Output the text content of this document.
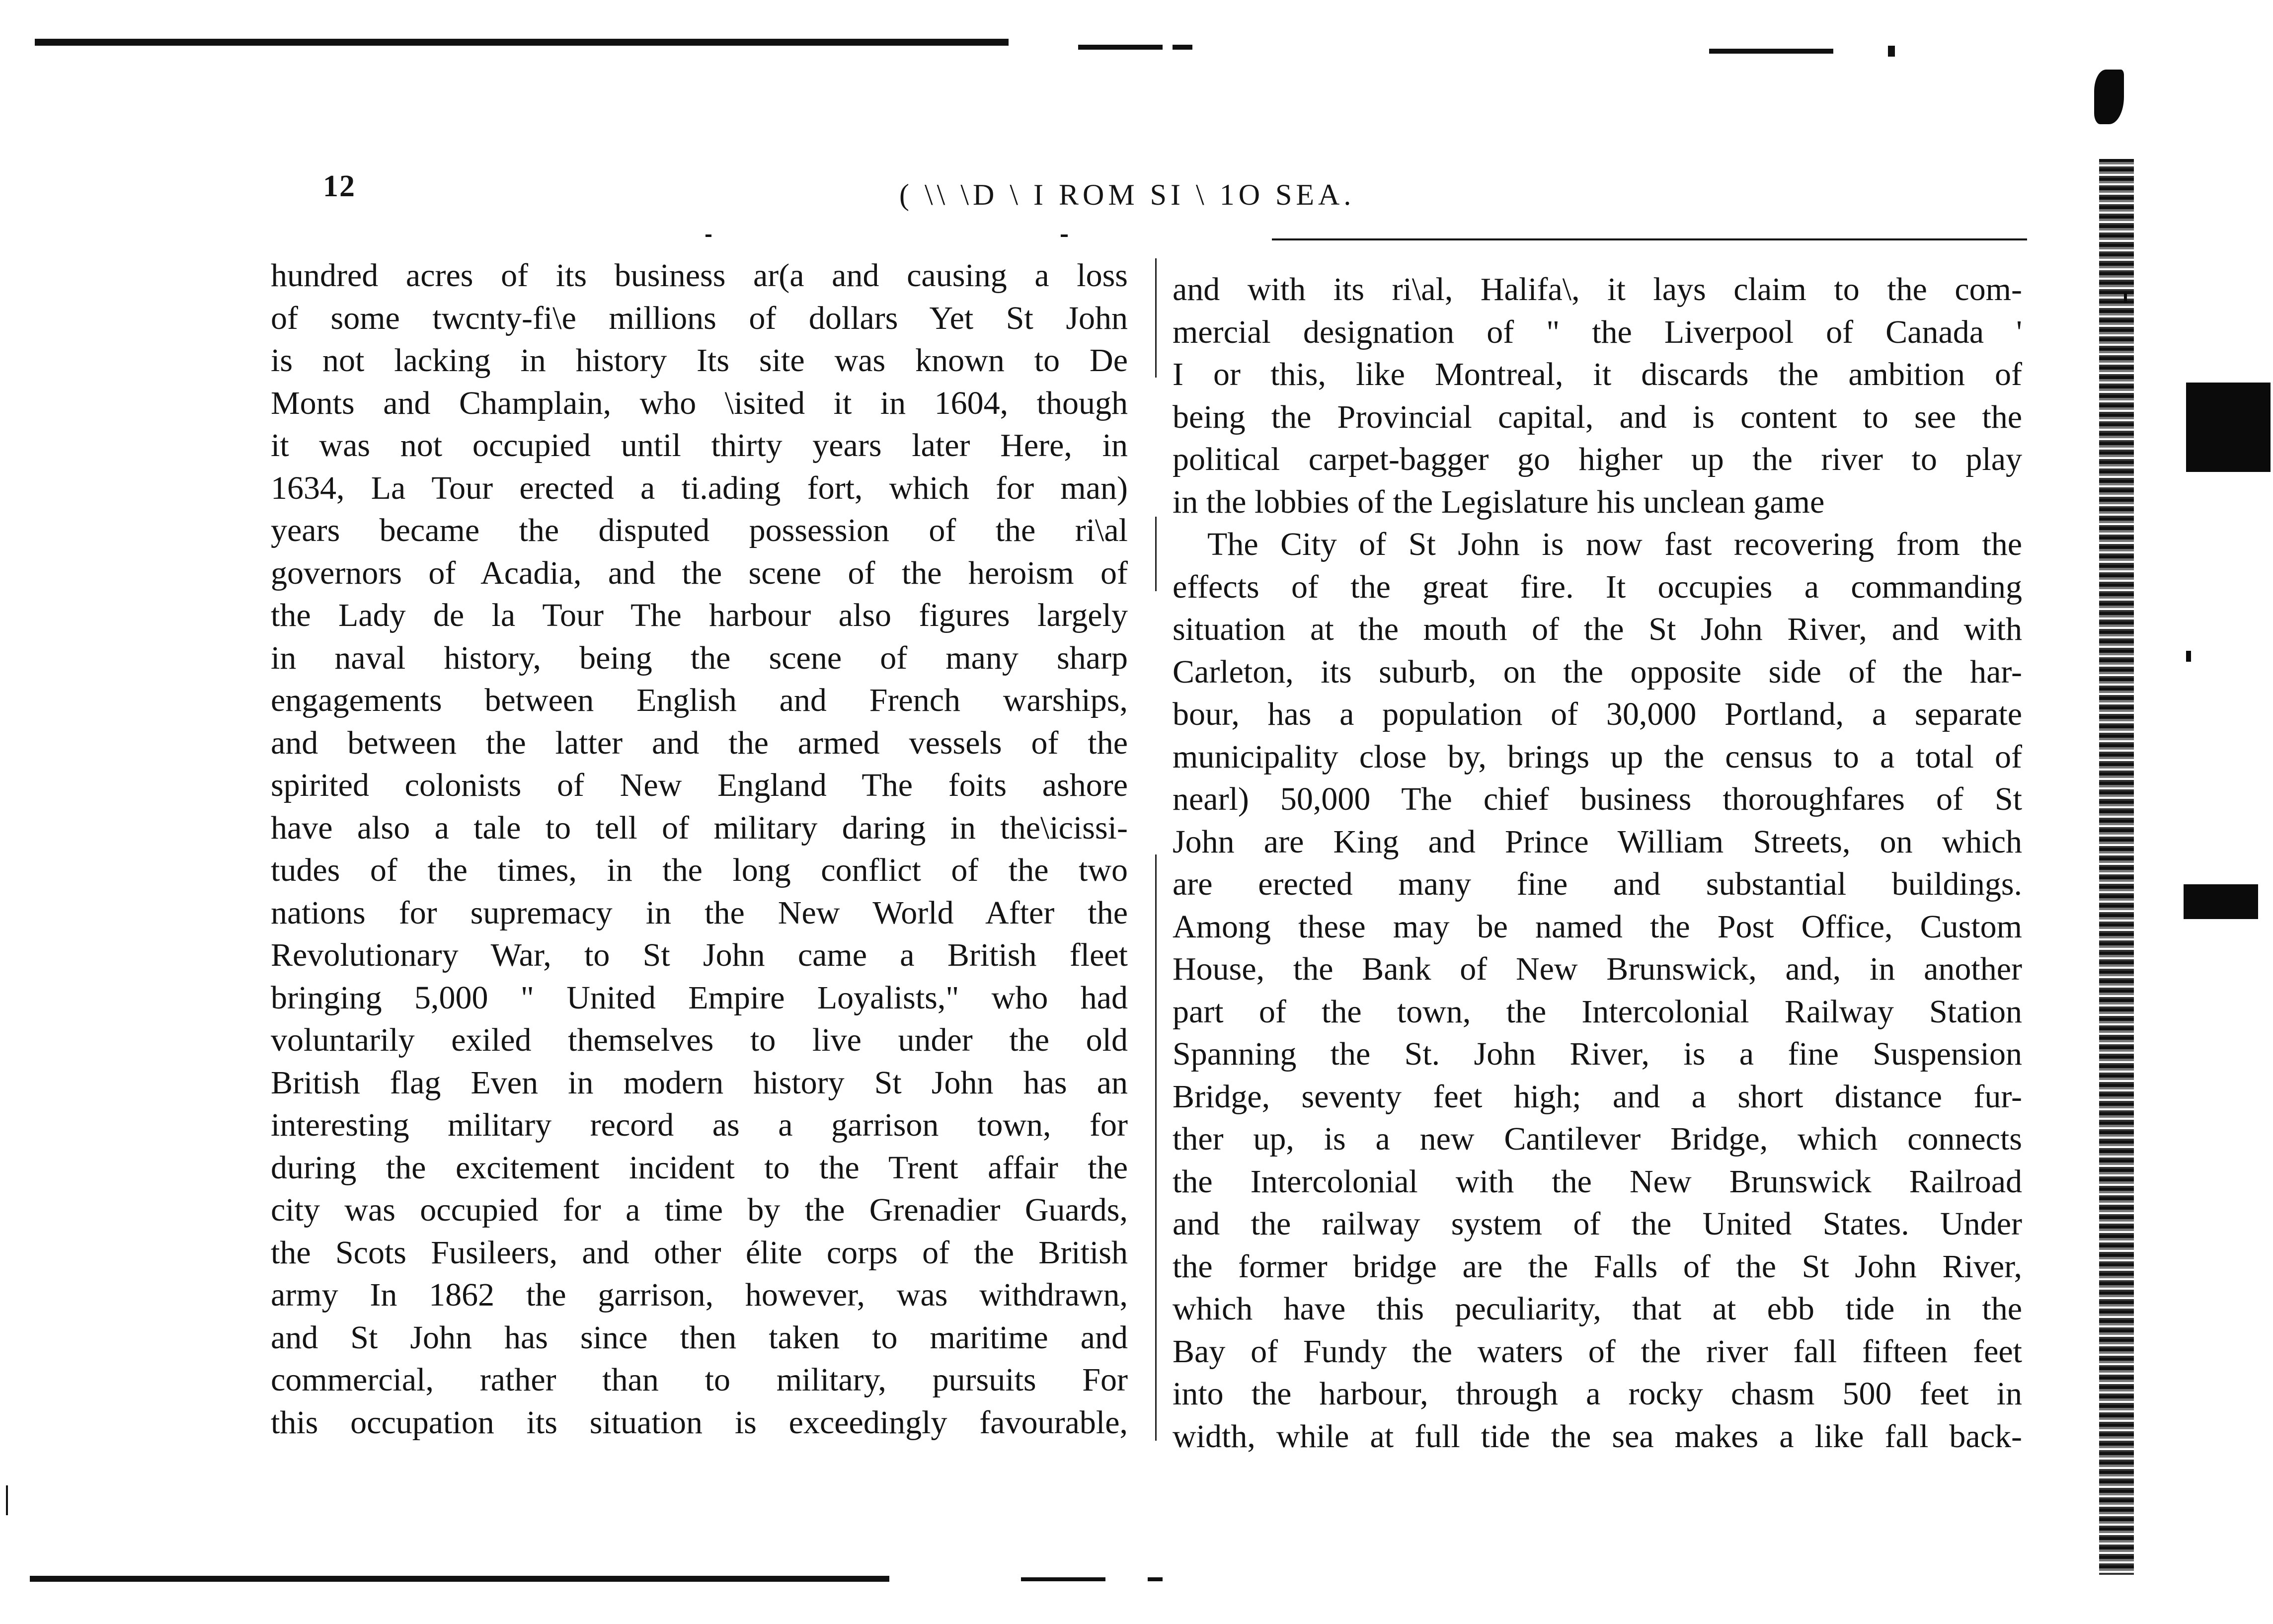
12	( \\ \D \ I ROM SI \ 1O SEA.
hundred acres of its business ar(a and causing a loss
of some twcnty-fi\e millions of dollars Yet St John
is not lacking in history Its site was known to De
Monts and Champlain, who \isited it in 1604, though
it was not occupied until thirty years later Here, in
1634, La Tour erected a ti.ading fort, which for man)
years became the disputed possession of the ri\al
governors of Acadia, and the scene of the heroism of
the Lady de la Tour The harbour also figures largely
in naval history, being the scene of many sharp
engagements between English and French warships,
and between the latter and the armed vessels of the
spirited colonists of New England The foits ashore
have also a tale to tell of military daring in the\icissi-
tudes of the times, in the long conflict of the two
nations for supremacy in the New World After the
Revolutionary War, to St John came a British fleet
bringing 5,000 " United Empire Loyalists," who had
voluntarily exiled themselves to live under the old
British flag Even in modern history St John has an
interesting military record as a garrison town, for
during the excitement incident to the Trent affair the
city was occupied for a time by the Grenadier Guards,
the Scots Fusileers, and other élite corps of the British
army In 1862 the garrison, however, was withdrawn,
and St John has since then taken to maritime and
commercial, rather than to military, pursuits For
this occupation its situation is exceedingly favourable,
and with its ri\al, Halifa\, it lays claim to the com-
mercial designation of " the Liverpool of Canada '
I or this, like Montreal, it discards the ambition of
being the Provincial capital, and is content to see the
political carpet-bagger go higher up the river to play
in the lobbies of the Legislature his unclean game
The City of St John is now fast recovering from the
effects of the great fire. It occupies a commanding
situation at the mouth of the St John River, and with
Carleton, its suburb, on the opposite side of the har-
bour, has a population of 30,000 Portland, a separate
municipality close by, brings up the census to a total of
nearl) 50,000 The chief business thoroughfares of St
John are King and Prince William Streets, on which
are erected many fine and substantial buildings.
Among these may be named the Post Office, Custom
House, the Bank of New Brunswick, and, in another
part of the town, the Intercolonial Railway Station
Spanning the St. John River, is a fine Suspension
Bridge, seventy feet high; and a short distance fur-
ther up, is a new Cantilever Bridge, which connects
the Intercolonial with the New Brunswick Railroad
and the railway system of the United States. Under
the former bridge are the Falls of the St John River,
which have this peculiarity, that at ebb tide in the
Bay of Fundy the waters of the river fall fifteen feet
into the harbour, through a rocky chasm 500 feet in
width, while at full tide the sea makes a like fall back-
